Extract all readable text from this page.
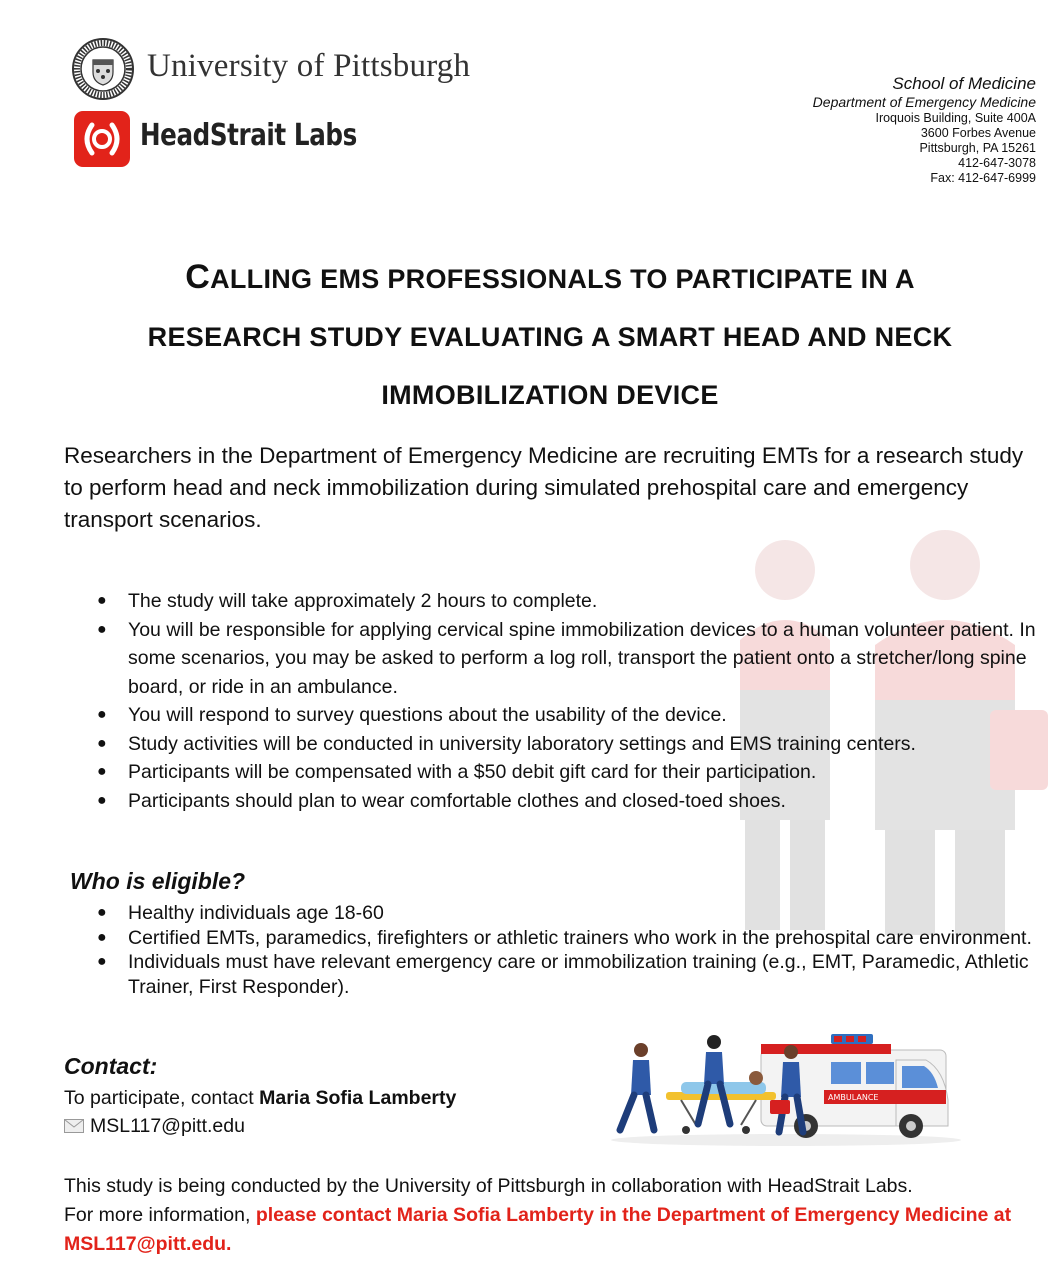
University of Pittsburgh
HeadStrait Labs
School of Medicine
Department of Emergency Medicine
Iroquois Building, Suite 400A
3600 Forbes Avenue
Pittsburgh, PA 15261
412-647-3078
Fax: 412-647-6999
CALLING EMS PROFESSIONALS TO PARTICIPATE IN A
RESEARCH STUDY EVALUATING A SMART HEAD AND NECK
IMMOBILIZATION DEVICE
Researchers in the Department of Emergency Medicine are recruiting EMTs for a research study to perform head and neck immobilization during simulated prehospital care and emergency transport scenarios.
● The study will take approximately 2 hours to complete.
● You will be responsible for applying cervical spine immobilization devices to a human volunteer patient. In some scenarios, you may be asked to perform a log roll, transport the patient onto a stretcher/long spine board, or ride in an ambulance.
● You will respond to survey questions about the usability of the device.
● Study activities will be conducted in university laboratory settings and EMS training centers.
● Participants will be compensated with a $50 debit gift card for their participation.
● Participants should plan to wear comfortable clothes and closed-toed shoes.
Who is eligible?
● Healthy individuals age 18-60
● Certified EMTs, paramedics, firefighters or athletic trainers who work in the prehospital care environment.
● Individuals must have relevant emergency care or immobilization training (e.g., EMT, Paramedic, Athletic Trainer, First Responder).
Contact:
To participate, contact Maria Sofia Lamberty
MSL117@pitt.edu
AMBULANCE
This study is being conducted by the University of Pittsburgh in collaboration with HeadStrait Labs.
For more information, please contact Maria Sofia Lamberty in the Department of Emergency Medicine at MSL117@pitt.edu.
